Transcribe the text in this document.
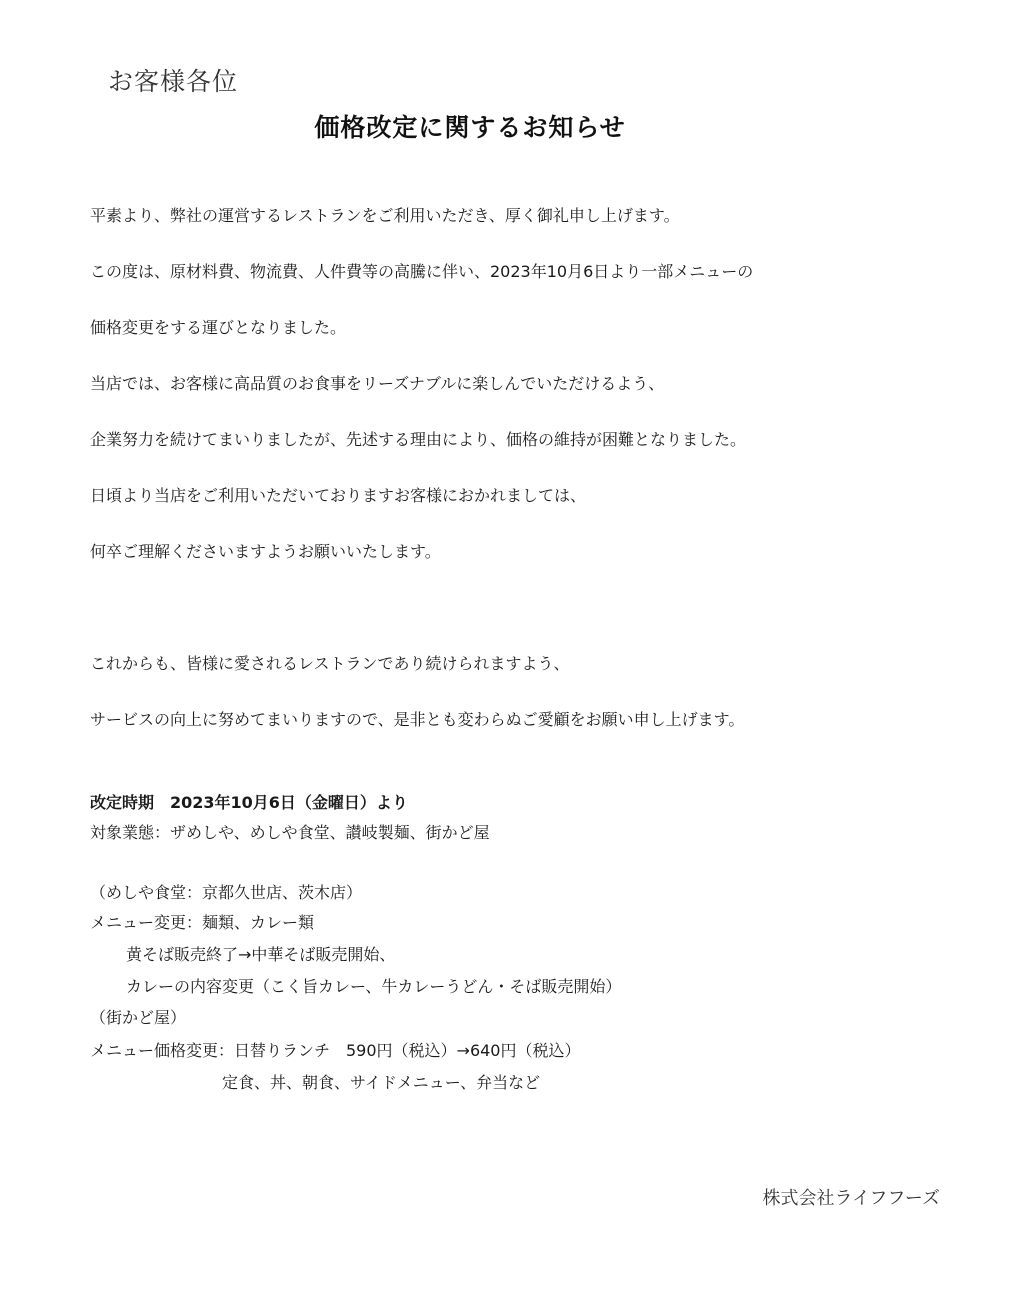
お客様各位

価格改定に関するお知らせ

平素より、弊社の運営するレストランをご利用いただき、厚く御礼申し上げます。

この度は、原材料費、物流費、人件費等の高騰に伴い、2023年10月6日より一部メニューの

価格変更をする運びとなりました。

当店では、お客様に高品質のお食事をリーズナブルに楽しんでいただけるよう、

企業努力を続けてまいりましたが、先述する理由により、価格の維持が困難となりました。

日頃より当店をご利用いただいておりますお客様におかれましては、

何卒ご理解くださいますようお願いいたします。

これからも、皆様に愛されるレストランであり続けられますよう、

サービスの向上に努めてまいりますので、是非とも変わらぬご愛顧をお願い申し上げます。

改定時期　2023年10月6日（金曜日）より

対象業態：ザめしや、めしや食堂、讃岐製麺、街かど屋

（めしや食堂：京都久世店、茨木店）

メニュー変更：麺類、カレー類

黄そば販売終了→中華そば販売開始、

カレーの内容変更（こく旨カレー、牛カレーうどん・そば販売開始）

（街かど屋）

メニュー価格変更：日替りランチ　590円（税込）→640円（税込）

定食、丼、朝食、サイドメニュー、弁当など

株式会社ライフフーズ
